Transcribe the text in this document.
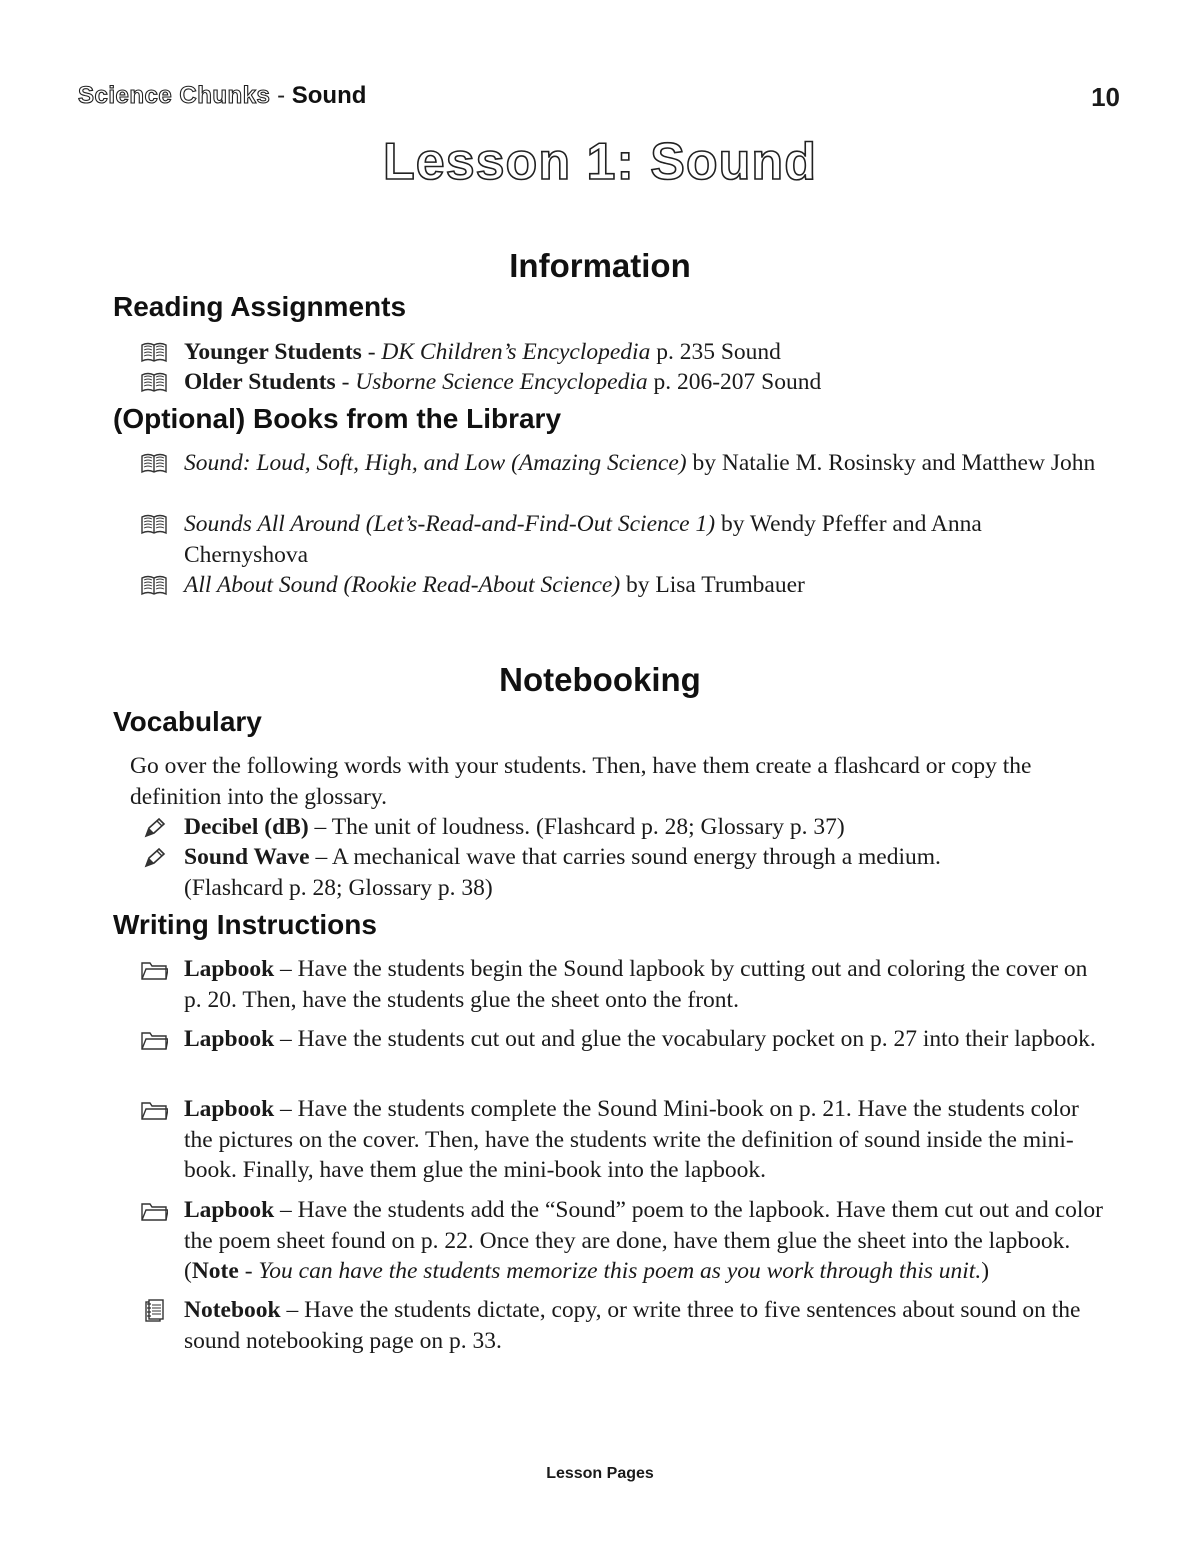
Science Chunks - Sound	10
Lesson 1: Sound
Information
Reading Assignments
Younger Students - DK Children’s Encyclopedia p. 235 Sound
Older Students - Usborne Science Encyclopedia p. 206-207 Sound
(Optional) Books from the Library
Sound: Loud, Soft, High, and Low (Amazing Science) by Natalie M. Rosinsky and Matthew John
Sounds All Around (Let’s-Read-and-Find-Out Science 1) by Wendy Pfeffer and Anna Chernyshova
All About Sound (Rookie Read-About Science) by Lisa Trumbauer
Notebooking
Vocabulary
Go over the following words with your students. Then, have them create a flashcard or copy the definition into the glossary.
Decibel (dB) – The unit of loudness. (Flashcard p. 28; Glossary p. 37)
Sound Wave – A mechanical wave that carries sound energy through a medium. (Flashcard p. 28; Glossary p. 38)
Writing Instructions
Lapbook – Have the students begin the Sound lapbook by cutting out and coloring the cover on p. 20. Then, have the students glue the sheet onto the front.
Lapbook – Have the students cut out and glue the vocabulary pocket on p. 27 into their lapbook.
Lapbook – Have the students complete the Sound Mini-book on p. 21. Have the students color the pictures on the cover. Then, have the students write the definition of sound inside the mini-book. Finally, have them glue the mini-book into the lapbook.
Lapbook – Have the students add the “Sound” poem to the lapbook. Have them cut out and color the poem sheet found on p. 22. Once they are done, have them glue the sheet into the lapbook. (Note - You can have the students memorize this poem as you work through this unit.)
Notebook – Have the students dictate, copy, or write three to five sentences about sound on the sound notebooking page on p. 33.
Lesson Pages
